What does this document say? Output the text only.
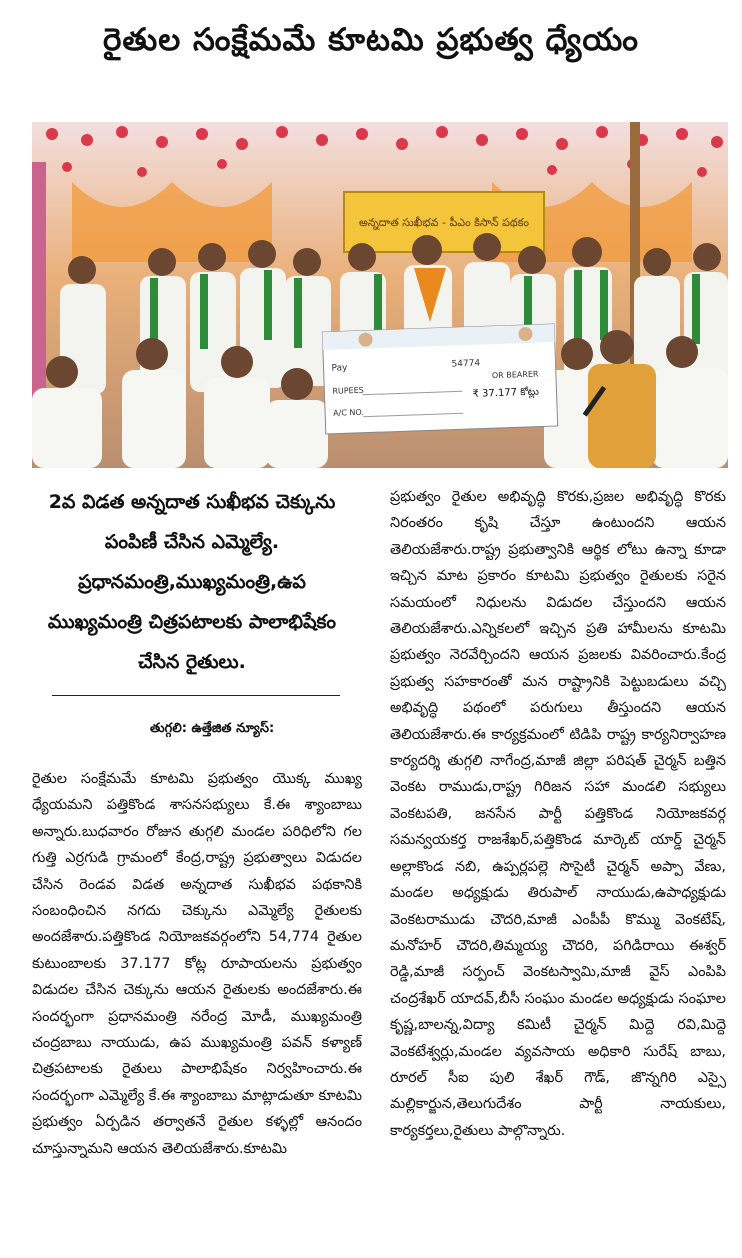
రైతుల సంక్షేమమే కూటమి ప్రభుత్వ ధ్యేయం
అన్నదాత సుఖీభవ - పీఎం కిసాన్ పథకం
Pay	54774
RUPEES
OR BEARER
₹ 37.177 కోట్లు
A/C NO.
2వ విడత అన్నదాత సుఖీభవ చెక్కును పంపిణీ చేసిన ఎమ్మెల్యే. ప్రధానమంత్రి,ముఖ్యమంత్రి,ఉప ముఖ్యమంత్రి చిత్రపటాలకు పాలాభిషేకం చేసిన రైతులు.
తుగ్గలి: ఉత్తేజిత న్యూస్:

రైతుల సంక్షేమమే కూటమి ప్రభుత్వం యొక్క ముఖ్య ధ్యేయమని పత్తికొండ శాసనసభ్యులు కే.ఈ శ్యాంబాబు అన్నారు.బుధవారం రోజున తుగ్గలి మండల పరిధిలోని గల గుత్తి ఎర్రగుడి గ్రామంలో కేంద్ర,రాష్ట్ర ప్రభుత్వాలు విడుదల చేసిన రెండవ విడత అన్నదాత సుఖీభవ పథకానికి సంబంధించిన నగదు చెక్కును ఎమ్మెల్యే రైతులకు అందజేశారు.పత్తికొండ నియోజకవర్గంలోని 54,774 రైతుల కుటుంబాలకు 37.177 కోట్ల రూపాయలను ప్రభుత్వం విడుదల చేసిన చెక్కును ఆయన రైతులకు అందజేశారు.ఈ సందర్భంగా ప్రధానమంత్రి నరేంద్ర మోడీ, ముఖ్యమంత్రి చంద్రబాబు నాయుడు, ఉప ముఖ్యమంత్రి పవన్ కళ్యాణ్ చిత్రపటాలకు రైతులు పాలాభిషేకం నిర్వహించారు.ఈ సందర్భంగా ఎమ్మెల్యే కే.ఈ శ్యాంబాబు మాట్లాడుతూ కూటమి ప్రభుత్వం ఏర్పడిన తర్వాతనే రైతుల కళ్ళల్లో ఆనందం చూస్తున్నామని ఆయన తెలియజేశారు.కూటమి

ప్రభుత్వం రైతుల అభివృద్ధి కొరకు,ప్రజల అభివృద్ధి కొరకు నిరంతరం కృషి చేస్తూ ఉంటుందని ఆయన తెలియజేశారు.రాష్ట్ర ప్రభుత్వానికి ఆర్థిక లోటు ఉన్నా కూడా ఇచ్చిన మాట ప్రకారం కూటమి ప్రభుత్వం రైతులకు సరైన సమయంలో నిధులను విడుదల చేస్తుందని ఆయన తెలియజేశారు.ఎన్నికలలో ఇచ్చిన ప్రతి హామీలను కూటమి ప్రభుత్వం నెరవేర్చిందని ఆయన ప్రజలకు వివరించారు.కేంద్ర ప్రభుత్వ సహకారంతో మన రాష్ట్రానికి పెట్టుబడులు వచ్చి అభివృద్ధి పథంలో పరుగులు తీస్తుందని ఆయన తెలియజేశారు.ఈ కార్యక్రమంలో టిడిపి రాష్ట్ర కార్యనిర్వాహణ కార్యదర్శి తుగ్గలి నాగేంద్ర,మాజీ జిల్లా పరిషత్ చైర్మన్ బత్తిన వెంకట రాముడు,రాష్ట్ర గిరిజన సహా మండలి సభ్యులు వెంకటపతి, జనసేన పార్టీ పత్తికొండ నియోజకవర్గ సమన్వయకర్త రాజశేఖర్,పత్తికొండ మార్కెట్ యార్డ్ చైర్మన్ అల్లాకొండ నబి, ఉప్పర్లపల్లె సొసైటీ చైర్మన్ అప్పా వేణు, మండల అధ్యక్షుడు తిరుపాల్ నాయుడు,ఉపాధ్యక్షుడు వెంకటరాముడు చౌదరి,మాజీ ఎంపీపీ కొమ్ము వెంకటేష్, మనోహర్ చౌదరి,తిమ్మయ్య చౌదరి, పగిడిరాయి ఈశ్వర్ రెడ్డి,మాజీ సర్పంచ్ వెంకటస్వామి,మాజీ వైస్ ఎంపిపి చంద్రశేఖర్ యాదవ్,బీసీ సంఘం మండల అధ్యక్షుడు సంఘాల కృష్ణ,బాలన్న,విద్యా కమిటీ చైర్మన్ మిద్దె రవి,మిద్దె వెంకటేశ్వర్లు,మండల వ్యవసాయ అధికారి సురేష్ బాబు, రూరల్ సీఐ పులి శేఖర్ గౌడ్, జొన్నగిరి ఎస్సై మల్లికార్జున,తెలుగుదేశం పార్టీ నాయకులు, కార్యకర్తలు,రైతులు పాల్గొన్నారు.
